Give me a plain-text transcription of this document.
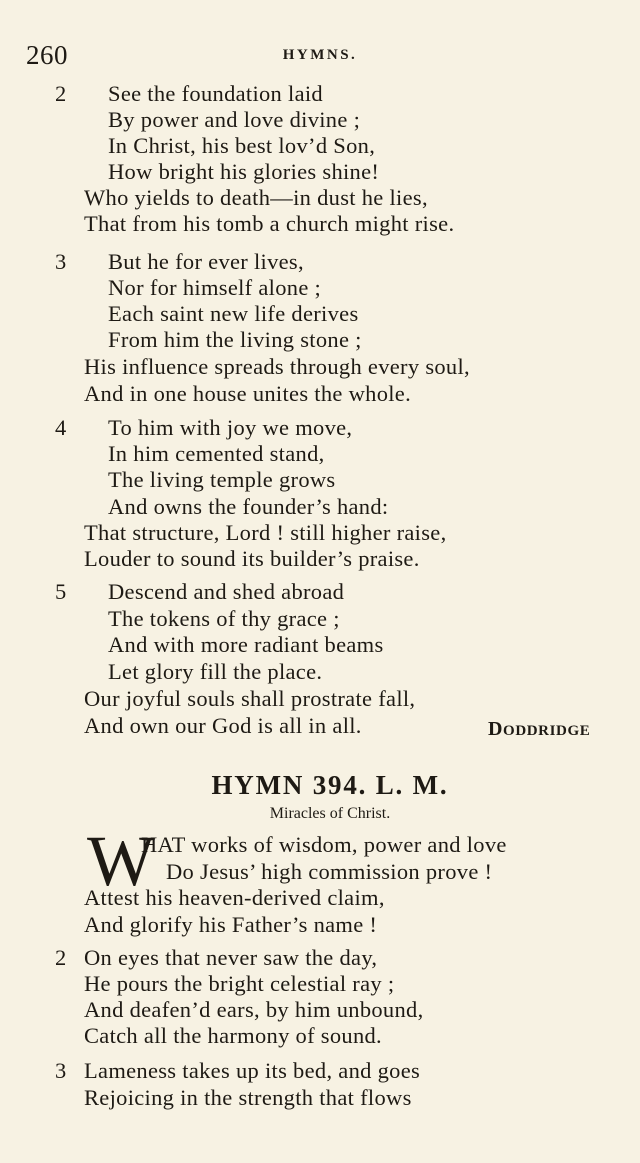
260	HYMNS.
2 See the foundation laid
By power and love divine ;
In Christ, his best lov’d Son,
How bright his glories shine!
Who yields to death—in dust he lies,
That from his tomb a church might rise.
3 But he for ever lives,
Nor for himself alone ;
Each saint new life derives
From him the living stone ;
His influence spreads through every soul,
And in one house unites the whole.
4 To him with joy we move,
In him cemented stand,
The living temple grows
And owns the founder’s hand:
That structure, Lord ! still higher raise,
Louder to sound its builder’s praise.
5 Descend and shed abroad
The tokens of thy grace ;
And with more radiant beams
Let glory fill the place.
Our joyful souls shall prostrate fall,
And own our God is all in all.	DODDRIDGE
HYMN 394. L. M.
Miracles of Christ.
W
HAT works of wisdom, power and love
Do Jesus’ high commission prove !
Attest his heaven-derived claim,
And glorify his Father’s name !
2 On eyes that never saw the day,
He pours the bright celestial ray ;
And deafen’d ears, by him unbound,
Catch all the harmony of sound.
3 Lameness takes up its bed, and goes
Rejoicing in the strength that flows
